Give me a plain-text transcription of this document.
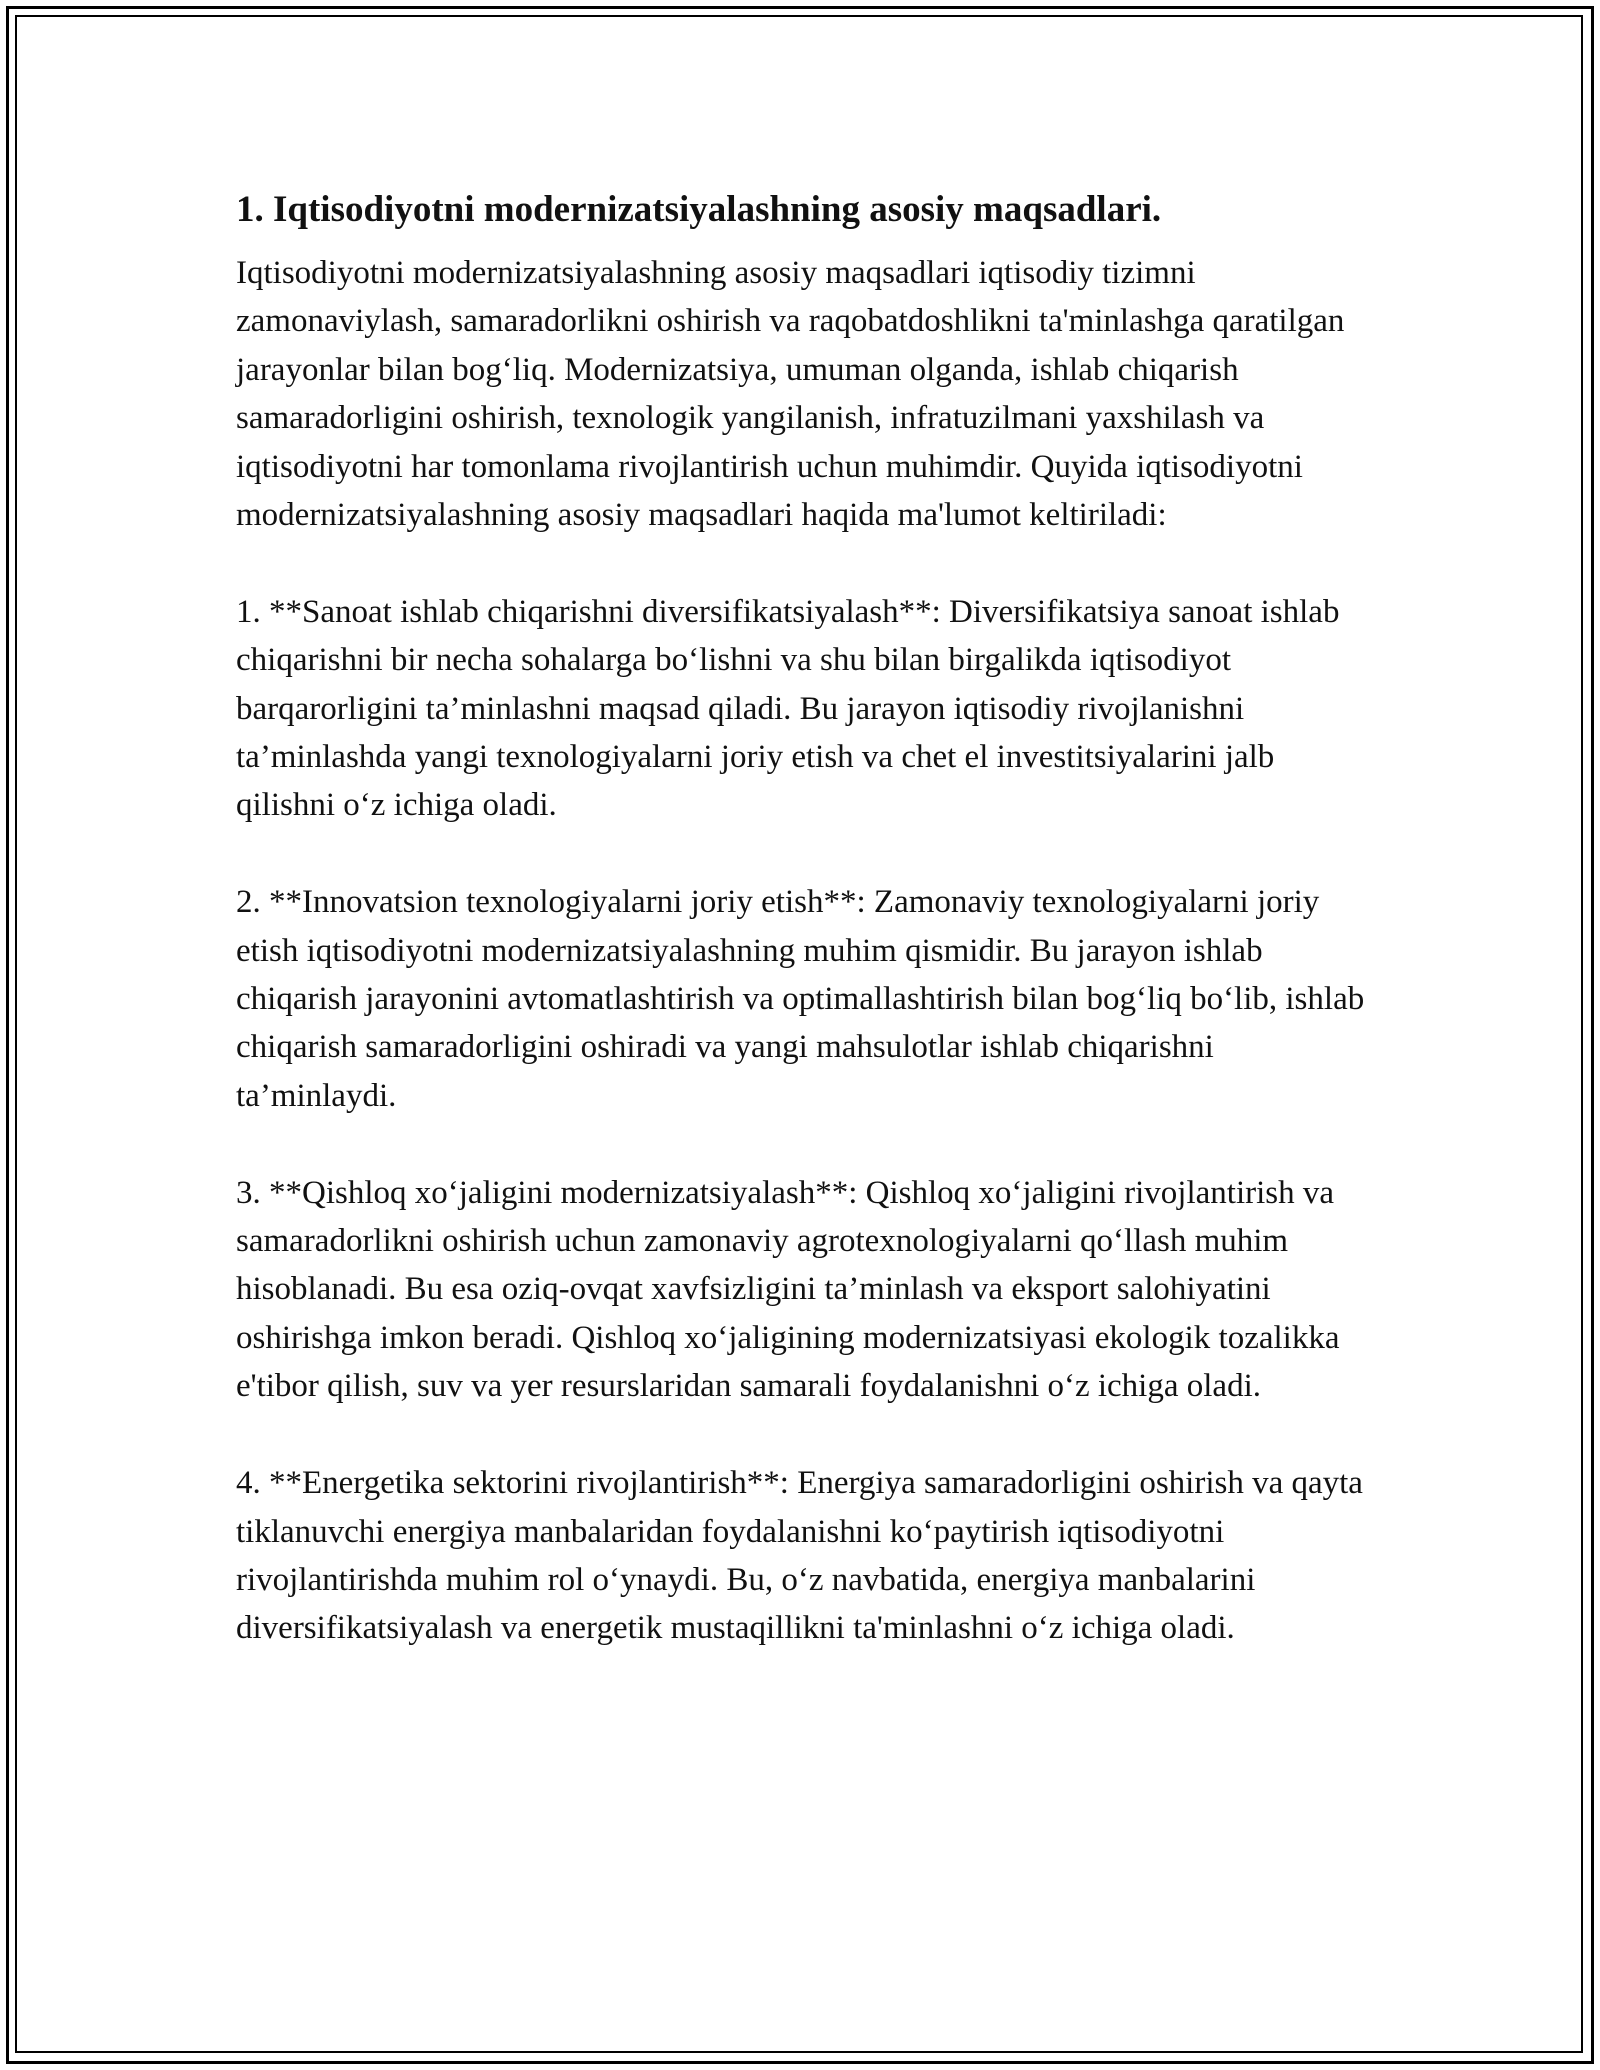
1. Iqtisodiyotni modernizatsiyalashning asosiy maqsadlari.

Iqtisodiyotni modernizatsiyalashning asosiy maqsadlari iqtisodiy tizimni zamonaviylash, samaradorlikni oshirish va raqobatdoshlikni ta'minlashga qaratilgan jarayonlar bilan bog‘liq. Modernizatsiya, umuman olganda, ishlab chiqarish samaradorligini oshirish, texnologik yangilanish, infratuzilmani yaxshilash va iqtisodiyotni har tomonlama rivojlantirish uchun muhimdir. Quyida iqtisodiyotni modernizatsiyalashning asosiy maqsadlari haqida ma'lumot keltiriladi:

1. **Sanoat ishlab chiqarishni diversifikatsiyalash**: Diversifikatsiya sanoat ishlab chiqarishni bir necha sohalarga bo‘lishni va shu bilan birgalikda iqtisodiyot barqarorligini ta’minlashni maqsad qiladi. Bu jarayon iqtisodiy rivojlanishni ta’minlashda yangi texnologiyalarni joriy etish va chet el investitsiyalarini jalb qilishni o‘z ichiga oladi.

2. **Innovatsion texnologiyalarni joriy etish**: Zamonaviy texnologiyalarni joriy etish iqtisodiyotni modernizatsiyalashning muhim qismidir. Bu jarayon ishlab chiqarish jarayonini avtomatlashtirish va optimallashtirish bilan bog‘liq bo‘lib, ishlab chiqarish samaradorligini oshiradi va yangi mahsulotlar ishlab chiqarishni ta’minlaydi.

3. **Qishloq xo‘jaligini modernizatsiyalash**: Qishloq xo‘jaligini rivojlantirish va samaradorlikni oshirish uchun zamonaviy agrotexnologiyalarni qo‘llash muhim hisoblanadi. Bu esa oziq-ovqat xavfsizligini ta’minlash va eksport salohiyatini oshirishga imkon beradi. Qishloq xo‘jaligining modernizatsiyasi ekologik tozalikka e'tibor qilish, suv va yer resurslaridan samarali foydalanishni o‘z ichiga oladi.

4. **Energetika sektorini rivojlantirish**: Energiya samaradorligini oshirish va qayta tiklanuvchi energiya manbalaridan foydalanishni ko‘paytirish iqtisodiyotni rivojlantirishda muhim rol o‘ynaydi. Bu, o‘z navbatida, energiya manbalarini diversifikatsiyalash va energetik mustaqillikni ta'minlashni o‘z ichiga oladi.
